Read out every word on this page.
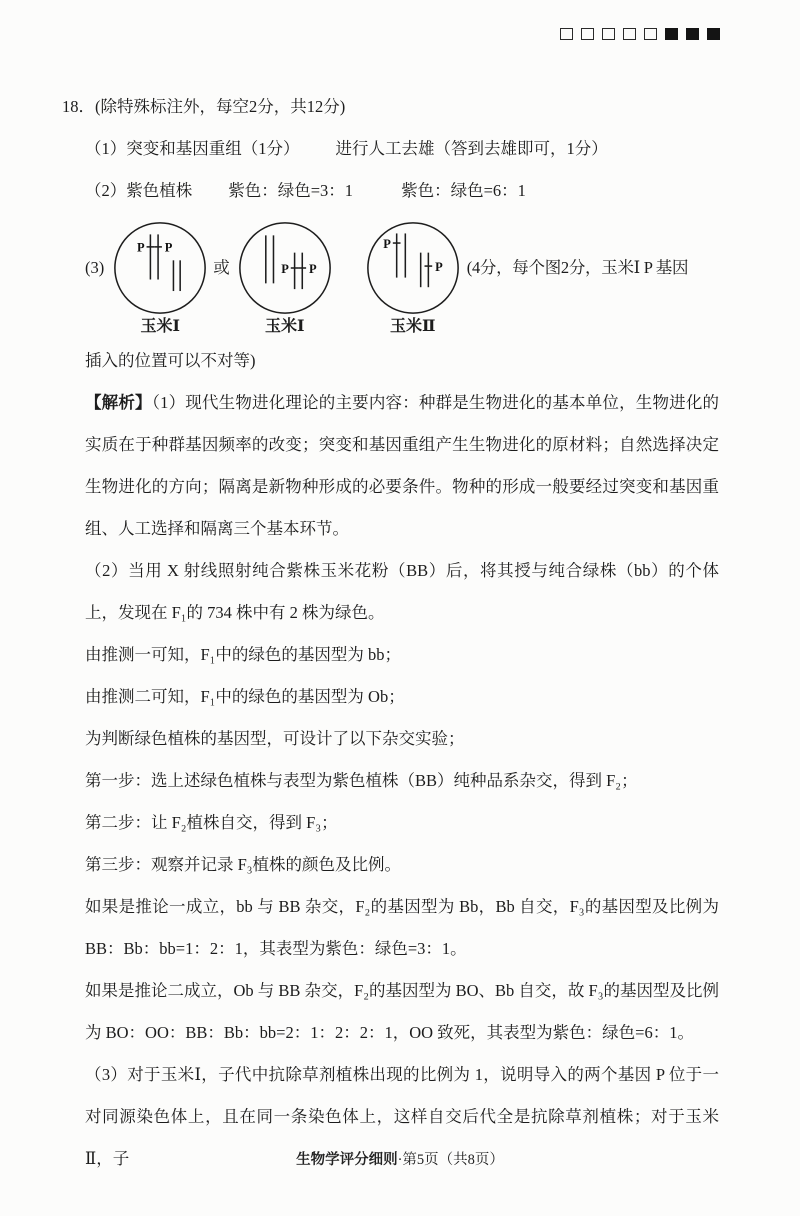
18．(除特殊标注外，每空2分，共12分)

（1）突变和基因重组（1分） 进行人工去雄（答到去雄即可，1分）

（2）紫色植株 紫色：绿色=3：1	紫色：绿色=6：1

(3)
P P
玉米Ⅰ
或	P P
玉米Ⅰ
P
P
玉米Ⅱ
(4分，每个图2分，玉米Ⅰ P 基因

插入的位置可以不对等)

【解析】（1）现代生物进化理论的主要内容：种群是生物进化的基本单位，生物进化的实质在于种群基因频率的改变；突变和基因重组产生生物进化的原材料；自然选择决定生物进化的方向；隔离是新物种形成的必要条件。物种的形成一般要经过突变和基因重组、人工选择和隔离三个基本环节。

（2）当用 X 射线照射纯合紫株玉米花粉（BB）后，将其授与纯合绿株（bb）的个体上，发现在 F₁的 734 株中有 2 株为绿色。

由推测一可知，F₁中的绿色的基因型为 bb；

由推测二可知，F₁中的绿色的基因型为 Ob；

为判断绿色植株的基因型，可设计了以下杂交实验；

第一步：选上述绿色植株与表型为紫色植株（BB）纯种品系杂交，得到 F₂；

第二步：让 F₂植株自交，得到 F₃；

第三步：观察并记录 F₃植株的颜色及比例。

如果是推论一成立，bb 与 BB 杂交，F₂的基因型为 Bb，Bb 自交，F₃的基因型及比例为 BB：Bb：bb=1：2：1，其表型为紫色：绿色=3：1。

如果是推论二成立，Ob 与 BB 杂交，F₂的基因型为 BO、Bb 自交，故 F₃的基因型及比例为 BO：OO：BB：Bb：bb=2：1：2：2：1，OO 致死，其表型为紫色：绿色=6：1。

（3）对于玉米Ⅰ，子代中抗除草剂植株出现的比例为 1，说明导入的两个基因 P 位于一对同源染色体上，且在同一条染色体上，这样自交后代全是抗除草剂植株；对于玉米Ⅱ，子	生物学评分细则·第5页（共8页）
